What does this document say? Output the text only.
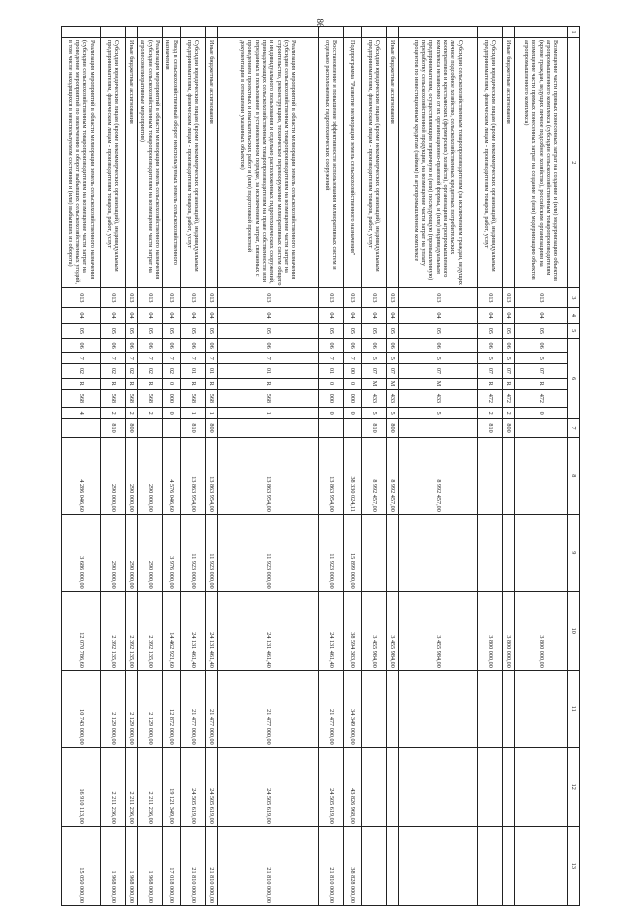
86
1	2	3	4	5	6						7	8	9	10	11	12	13
	Возмещение части прямых понесенных затрат на создание и (или) модернизацию объектов агропромышленного комплекса (субсидии сельскохозяйственным товаропроизводителям (кроме граждан, ведущих личное подсобное хозяйство), российским организациям на возмещение части прямых понесенных затрат на создание и (или) модернизацию объектов агропромышленного комплекса)	013	04	05	06	5	07	R	472	0				3 800 000,00			
	Иные бюджетные ассигнования	013	04	05	06	5	07	R	472	2	800			3 800 000,00			
	Субсидии юридическим лицам (кроме некоммерческих организаций), индивидуальным предпринимателям, физическим лицам - производителям товаров, работ, услуг	013	04	05	06	5	07	R	472	2	810			3 800 000,00			
	Субсидии сельскохозяйственным товаропроизводителям (за исключением граждан, ведущих личное подсобное хозяйство, сельскохозяйственных кредитных потребительских кооперативов и крестьянских (фермерских) хозяйств), организациям агропромышленного комплекса независимо от их организационно-правовой формы, и (или) индивидуальным предпринимателям, осуществляющим первичную и (или) последующую (промышленную) переработку сельскохозяйственной продукции, на возмещение части затрат на уплату процентов по инвестиционным кредитам (займам) в агропромышленном комплексе	013	04	05	06	5	07	M	433	5		8 992 457,00		3 455 984,00			
	Иные бюджетные ассигнования	013	04	05	06	5	07	M	433	5	800	8 992 457,00		3 455 984,00			
	Субсидии юридическим лицам (кроме некоммерческих организаций), индивидуальным предпринимателям, физическим лицам - производителям товаров, работ, услуг	013	04	05	06	5	07	M	433	5	810	8 992 457,00		3 455 984,00			
	Подпрограмма "Развитие мелиорации земель сельскохозяйственного назначения"	013	04	05	06	7	00	0	000	0		38 330 024,11	15 899 000,00	38 594 383,00	34 349 000,00	43 826 968,00	38 828 000,00
	Восстановление и повышение эффективности использования мелиоративных систем и отдельно расположенных гидротехнических сооружений	013	04	05	06	7	01	0	000	0		13 863 954,00	11 923 000,00	24 131 461,40	21 477 000,00	24 505 619,00	21 810 000,00
	Реализация мероприятий в области мелиорации земель сельскохозяйственного назначения (субсидии сельскохозяйственным товаропроизводителям на возмещение части затрат на строительство, реконструкцию, техническое перевооружение мелиоративных систем общего и индивидуального пользования и отдельно расположенных гидротехнических сооружений, принадлежащих сельскохозяйственным товаропроизводителям на праве собственности или переданных в пользование в установленном порядке, за исключением затрат, связанных с проведением проектных и изыскательских работ и (или) подготовкой проектной документации в отношении указанных объектов)	013	04	05	06	7	01	R	568	1		13 863 954,00	11 923 000,00	24 131 461,40	21 477 000,00	24 505 619,00	21 810 000,00
	Иные бюджетные ассигнования	013	04	05	06	7	01	R	568	1	800	13 863 954,00	11 923 000,00	24 131 461,40	21 477 000,00	24 505 619,00	21 810 000,00
	Субсидии юридическим лицам (кроме некоммерческих организаций), индивидуальным предпринимателям, физическим лицам - производителям товаров, работ, услуг	013	04	05	06	7	01	R	568	1	810	13 863 954,00	11 923 000,00	24 131 461,40	21 477 000,00	24 505 619,00	21 810 000,00
	Ввод в сельскохозяйственный оборот неиспользуемых земель сельскохозяйственного назначения	013	04	05	06	7	02	0	000	0		4 576 046,60	3 976 000,00	14 462 921,60	12 872 000,00	19 121 349,00	17 018 000,00
	Реализация мероприятий в области мелиорации земель сельскохозяйственного назначения (субсидии сельскохозяйственным товаропроизводителям на возмещение части затрат на агролесомелиоративные мероприятия)	013	04	05	06	7	02	R	568	2		290 000,00	290 000,00	2 392 135,00	2 129 000,00	2 211 236,00	1 968 000,00
	Иные бюджетные ассигнования	013	04	05	06	7	02	R	568	2	800	290 000,00	290 000,00	2 392 135,00	2 129 000,00	2 211 236,00	1 968 000,00
	Субсидии юридическим лицам (кроме некоммерческих организаций), индивидуальным предпринимателям, физическим лицам - производителям товаров, работ, услуг	013	04	05	06	7	02	R	568	2	810	290 000,00	290 000,00	2 392 135,00	2 129 000,00	2 211 236,00	1 968 000,00
	Реализация мероприятий в области мелиорации земель сельскохозяйственного назначения (субсидии сельскохозяйственным товаропроизводителям на возмещение части затрат на проведение мероприятий по вовлечению в оборот выбывших сельскохозяйственных угодий, в том числе находящихся в неиспользуемом состоянии и (или) выбывших из оборота)	013	04	05	06	7	02	R	568	4		4 286 046,60	3 686 000,00	12 070 786,60	10 743 000,00	16 910 113,00	15 050 000,00
